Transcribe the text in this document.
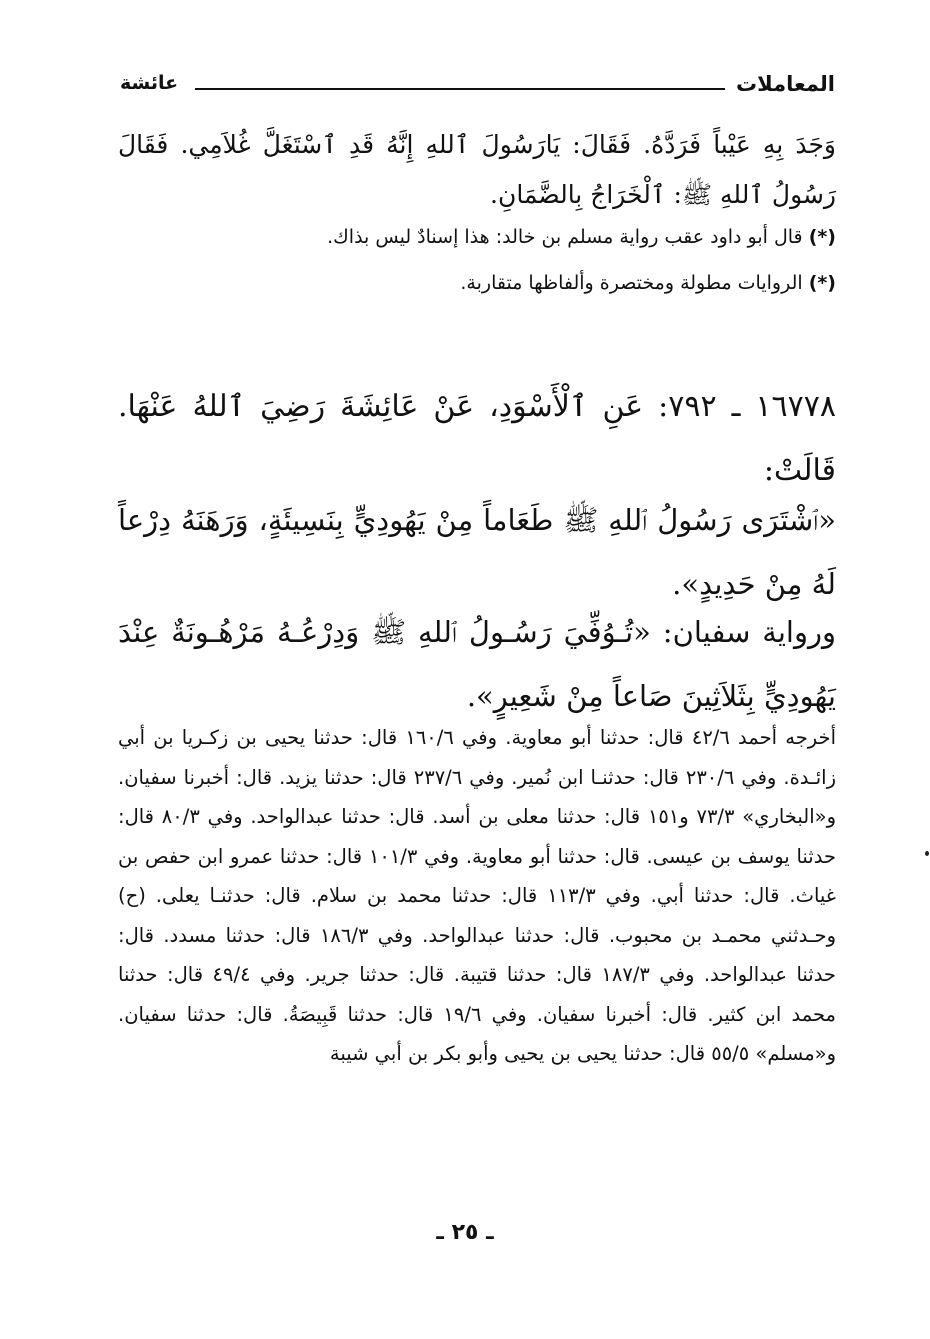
المعاملات
عائشة
وَجَدَ بِهِ عَيْباً فَرَدَّهُ. فَقَالَ: يَارَسُولَ ٱللهِ إِنَّهُ قَدِ ٱسْتَغَلَّ غُلاَمِي. فَقَالَ رَسُولُ ٱللهِ ﷺ: ٱلْخَرَاجُ بِالضَّمَانِ.
(*) قال أبو داود عقب رواية مسلم بن خالد: هذا إسنادٌ ليس بذاك.
(*) الروايات مطولة ومختصرة وألفاظها متقاربة.
١٦٧٧٨ ـ ٧٩٢: عَنِ ٱلْأَسْوَدِ، عَنْ عَائِشَةَ رَضِيَ ٱللهُ عَنْهَا. قَالَتْ:
«ٱشْتَرَى رَسُولُ ٱللهِ ﷺ طَعَاماً مِنْ يَهُودِيٍّ بِنَسِيئَةٍ، وَرَهَنَهُ دِرْعاً لَهُ مِنْ حَدِيدٍ».
ورواية سفيان: «تُـوُفِّيَ رَسُـولُ ٱللهِ ﷺ وَدِرْعُـهُ مَرْهُـونَةٌ عِنْدَ يَهُودِيٍّ بِثَلاَثِينَ صَاعاً مِنْ شَعِيرٍ».
أخرجه أحمد ٤٢/٦ قال: حدثنا أبو معاوية. وفي ١٦٠/٦ قال: حدثنا يحيى بن زكـريا بن أبي زائـدة. وفي ٢٣٠/٦ قال: حدثنـا ابن نُمير. وفي ٢٣٧/٦ قال: حدثنا يزيد. قال: أخبرنا سفيان. و«البخاري» ٧٣/٣ و١٥١ قال: حدثنا معلى بن أسد. قال: حدثنا عبدالواحد. وفي ٨٠/٣ قال: حدثنا يوسف بن عيسى. قال: حدثنا أبو معاوية. وفي ١٠١/٣ قال: حدثنا عمرو ابن حفص بن غياث. قال: حدثنا أبي. وفي ١١٣/٣ قال: حدثنا محمد بن سلام. قال: حدثنـا يعلى. (ح) وحـدثني محمـد بن محبوب. قال: حدثنا عبدالواحد. وفي ١٨٦/٣ قال: حدثنا مسدد. قال: حدثنا عبدالواحد. وفي ١٨٧/٣ قال: حدثنا قتيبة. قال: حدثنا جرير. وفي ٤٩/٤ قال: حدثنا محمد ابن كثير. قال: أخبرنا سفيان. وفي ١٩/٦ قال: حدثنا قَبِيصَةُ. قال: حدثنا سفيان. و«مسلم» ٥٥/٥ قال: حدثنا يحيى بن يحيى وأبو بكر بن أبي شيبة
ـ ٢٥ ـ
